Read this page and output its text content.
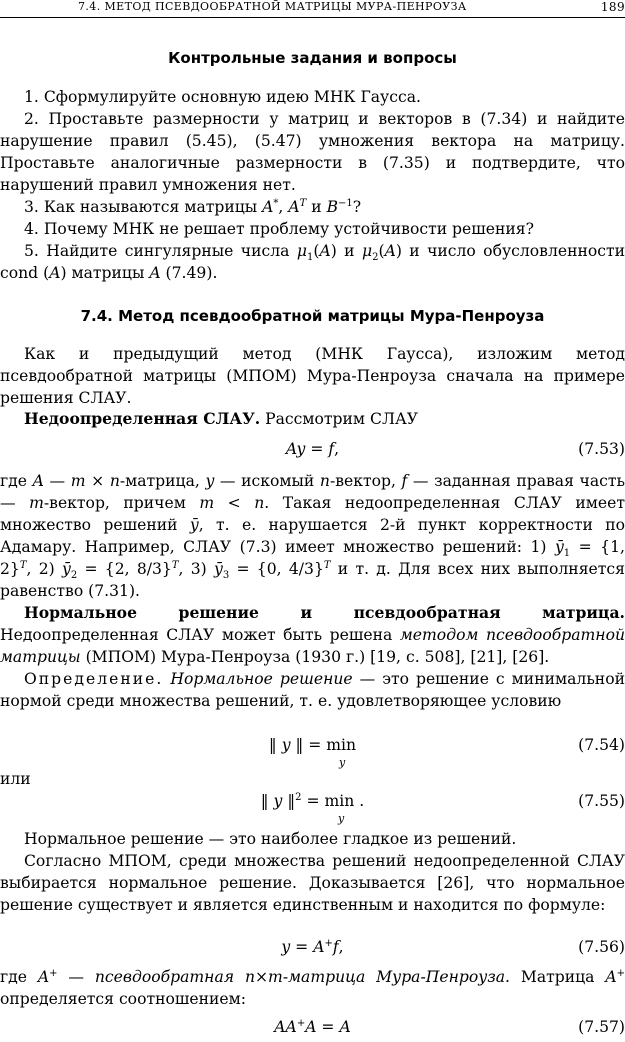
7.4. МЕТОД ПСЕВДООБРАТНОЙ МАТРИЦЫ МУРА-ПЕНРОУЗА	189
Контрольные задания и вопросы
1. Сформулируйте основную идею МНК Гаусса.
2. Проставьте размерности у матриц и векторов в (7.34) и найдите нарушение правил (5.45), (5.47) умножения вектора на матрицу. Проставьте аналогичные размерности в (7.35) и подтвердите, что нарушений правил умножения нет.
3. Как называются матрицы A*, $A^T$ и $B^{-1}$?
4. Почему МНК не решает проблему устойчивости решения?
5. Найдите сингулярные числа $\mu_1(A)$ и $\mu_2(A)$ и число обусловленности cond (A) матрицы A (7.49).
7.4. Метод псевдообратной матрицы Мура-Пенроуза
Как и предыдущий метод (МНК Гаусса), изложим метод псевдообратной матрицы (МПОМ) Мура-Пенроуза сначала на примере решения СЛАУ.
Недоопределенная СЛАУ. Рассмотрим СЛАУ
Ay = f,	(7.53)
где A — m × n-матрица, y — искомый n-вектор, f — заданная правая часть — m-вектор, причем m < n. Такая недоопределенная СЛАУ имеет множество решений ȳ, т. е. нарушается 2-й пункт корректности по Адамару. Например, СЛАУ (7.3) имеет множество решений: 1) $ȳ_1 = \{1$, 2}$^T$, 2) $ȳ_2 = \{2$, 8/3}$^T$, 3) $ȳ_3 = \{0$, 4/3}$^T$ и т. д. Для всех них выполняется равенство (7.31).
Нормальное решение и псевдообратная матрица. Недоопределенная СЛАУ может быть решена методом псевдообратной матрицы (МПОМ) Мура-Пенроуза (1930 г.) [19, с. 508], [21], [26].
Определение. Нормальное решение — это решение с минимальной нормой среди множества решений, т. е. удовлетворяющее условию
‖ y ‖ = min
y
(7.54)
или
‖ y ‖$^2$ = min .
y
(7.55)
Нормальное решение — это наиболее гладкое из решений.
Согласно МПОМ, среди множества решений недоопределенной СЛАУ выбирается нормальное решение. Доказывается [26], что нормальное решение существует и является единственным и находится по формуле:
y = A+f,	(7.56)
где A+ — псевдообратная n×m-матрица Мура-Пенроуза. Матрица A+ определяется соотношением:
AA+A = A	(7.57)
